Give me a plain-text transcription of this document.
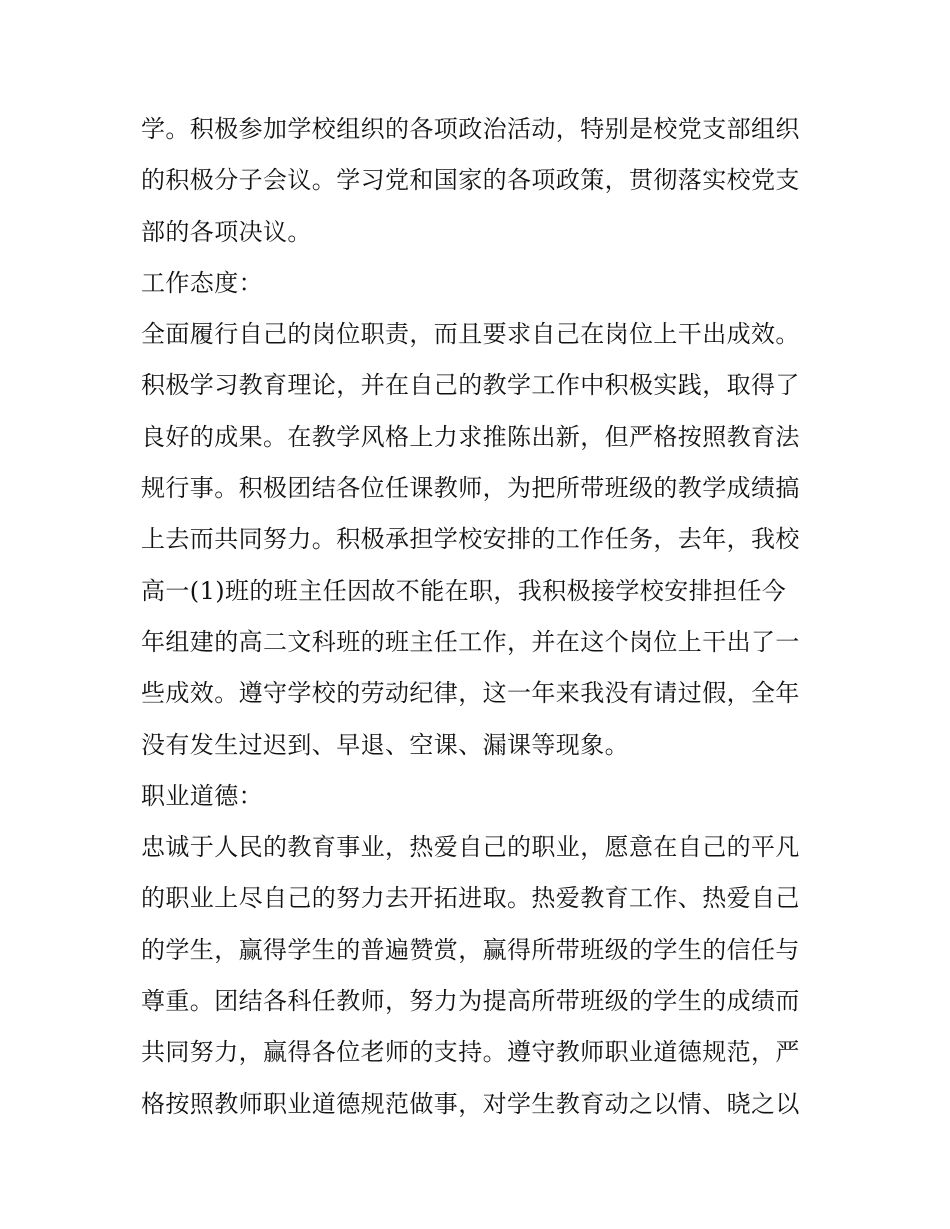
学。积极参加学校组织的各项政治活动，特别是校党支部组织
的积极分子会议。学习党和国家的各项政策，贯彻落实校党支
部的各项决议。
工作态度：
全面履行自己的岗位职责，而且要求自己在岗位上干出成效。
积极学习教育理论，并在自己的教学工作中积极实践，取得了
良好的成果。在教学风格上力求推陈出新，但严格按照教育法
规行事。积极团结各位任课教师，为把所带班级的教学成绩搞
上去而共同努力。积极承担学校安排的工作任务，去年，我校
高一(1)班的班主任因故不能在职，我积极接学校安排担任今
年组建的高二文科班的班主任工作，并在这个岗位上干出了一
些成效。遵守学校的劳动纪律，这一年来我没有请过假，全年
没有发生过迟到、早退、空课、漏课等现象。
职业道德：
忠诚于人民的教育事业，热爱自己的职业，愿意在自己的平凡
的职业上尽自己的努力去开拓进取。热爱教育工作、热爱自己
的学生，赢得学生的普遍赞赏，赢得所带班级的学生的信任与
尊重。团结各科任教师，努力为提高所带班级的学生的成绩而
共同努力，赢得各位老师的支持。遵守教师职业道德规范，严
格按照教师职业道德规范做事，对学生教育动之以情、晓之以
